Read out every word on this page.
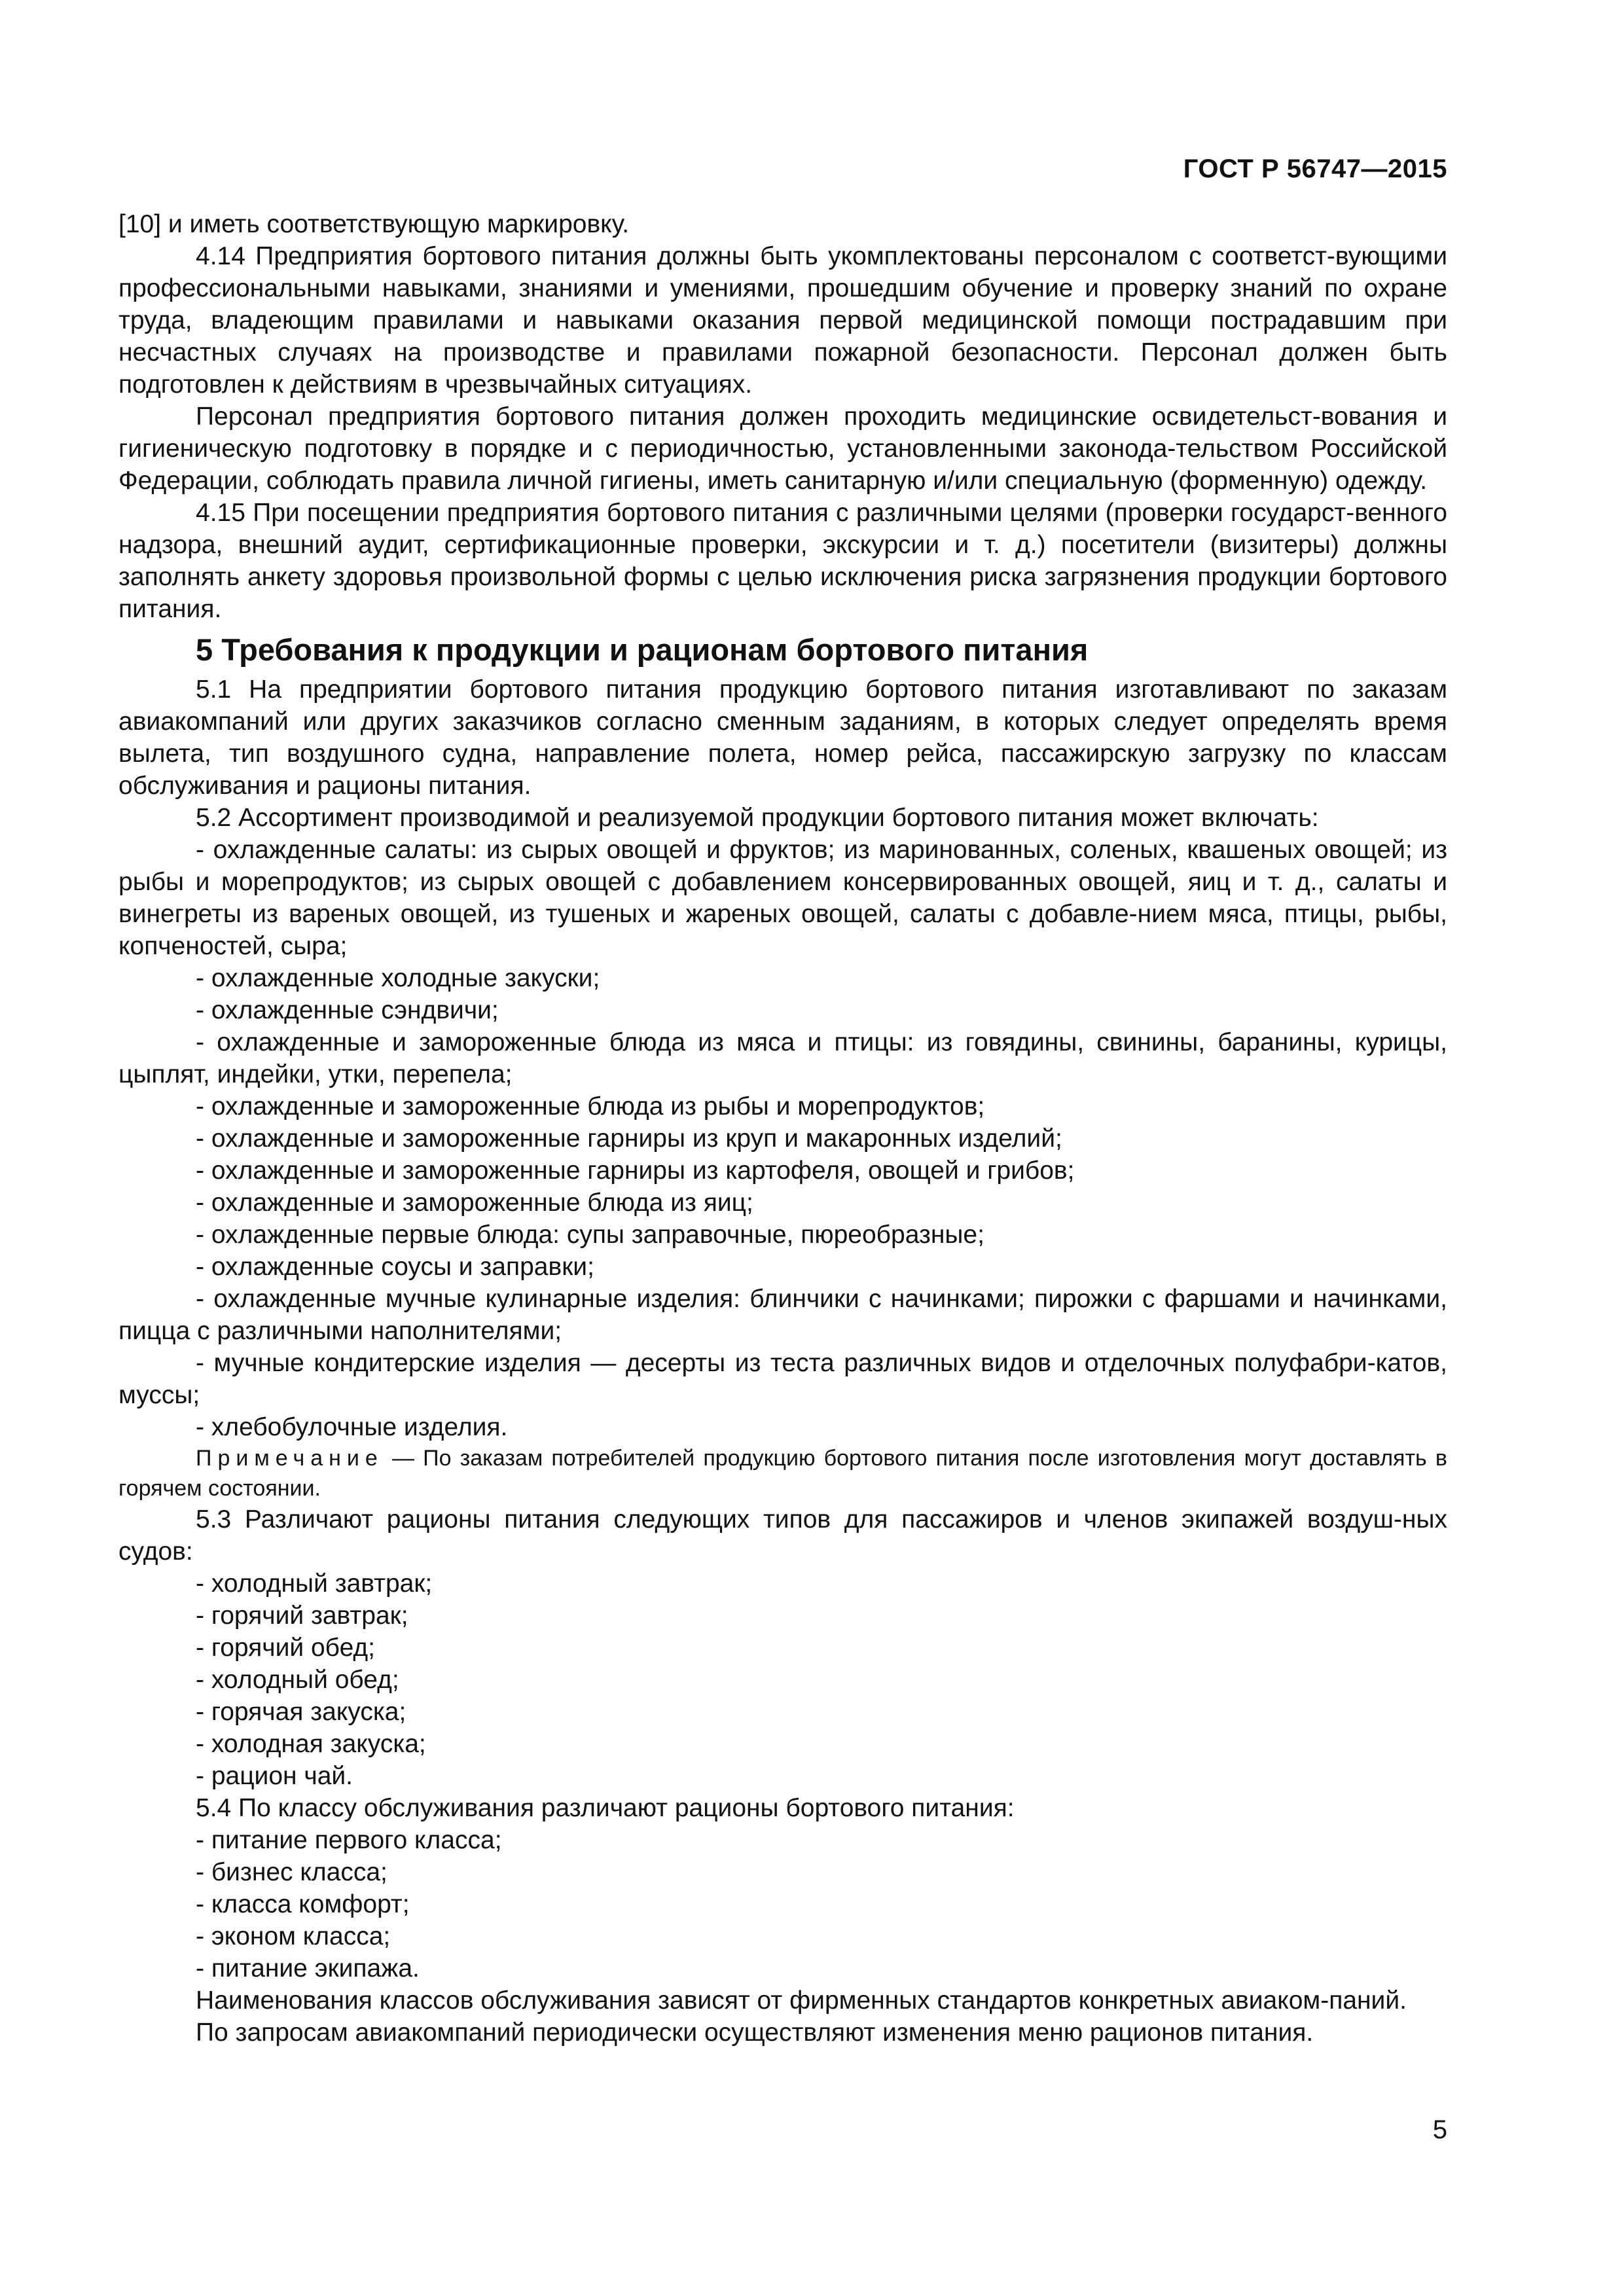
ГОСТ Р 56747—2015

[10] и иметь соответствующую маркировку.

4.14 Предприятия бортового питания должны быть укомплектованы персоналом с соответст-вующими профессиональными навыками, знаниями и умениями, прошедшим обучение и проверку знаний по охране труда, владеющим правилами и навыками оказания первой медицинской помощи пострадавшим при несчастных случаях на производстве и правилами пожарной безопасности. Персонал должен быть подготовлен к действиям в чрезвычайных ситуациях.

Персонал предприятия бортового питания должен проходить медицинские освидетельст-вования и гигиеническую подготовку в порядке и с периодичностью, установленными законода-тельством Российской Федерации, соблюдать правила личной гигиены, иметь санитарную и/или специальную (форменную) одежду.

4.15 При посещении предприятия бортового питания с различными целями (проверки государст-венного надзора, внешний аудит, сертификационные проверки, экскурсии и т. д.) посетители (визитеры) должны заполнять анкету здоровья произвольной формы с целью исключения риска загрязнения продукции бортового питания.

5 Требования к продукции и рационам бортового питания

5.1 На предприятии бортового питания продукцию бортового питания изготавливают по заказам авиакомпаний или других заказчиков согласно сменным заданиям, в которых следует определять время вылета, тип воздушного судна, направление полета, номер рейса, пассажирскую загрузку по классам обслуживания и рационы питания.

5.2 Ассортимент производимой и реализуемой продукции бортового питания может включать:

- охлажденные салаты: из сырых овощей и фруктов; из маринованных, соленых, квашеных овощей; из рыбы и морепродуктов; из сырых овощей с добавлением консервированных овощей, яиц и т. д., салаты и винегреты из вареных овощей, из тушеных и жареных овощей, салаты с добавле-нием мяса, птицы, рыбы, копченостей, сыра;

- охлажденные холодные закуски;

- охлажденные сэндвичи;

- охлажденные и замороженные блюда из мяса и птицы: из говядины, свинины, баранины, курицы, цыплят, индейки, утки, перепела;

- охлажденные и замороженные блюда из рыбы и морепродуктов;

- охлажденные и замороженные гарниры из круп и макаронных изделий;

- охлажденные и замороженные гарниры из картофеля, овощей и грибов;

- охлажденные и замороженные блюда из яиц;

- охлажденные первые блюда: супы заправочные, пюреобразные;

- охлажденные соусы и заправки;

- охлажденные мучные кулинарные изделия: блинчики с начинками; пирожки с фаршами и начинками, пицца с различными наполнителями;

- мучные кондитерские изделия — десерты из теста различных видов и отделочных полуфабри-катов, муссы;

- хлебобулочные изделия.

Примечание — По заказам потребителей продукцию бортового питания после изготовления могут доставлять в горячем состоянии.

5.3 Различают рационы питания следующих типов для пассажиров и членов экипажей воздуш-ных судов:

- холодный завтрак;

- горячий завтрак;

- горячий обед;

- холодный обед;

- горячая закуска;

- холодная закуска;

- рацион чай.

5.4 По классу обслуживания различают рационы бортового питания:

- питание первого класса;

- бизнес класса;

- класса комфорт;

- эконом класса;

- питание экипажа.

Наименования классов обслуживания зависят от фирменных стандартов конкретных авиаком-паний.

По запросам авиакомпаний периодически осуществляют изменения меню рационов питания.

5
